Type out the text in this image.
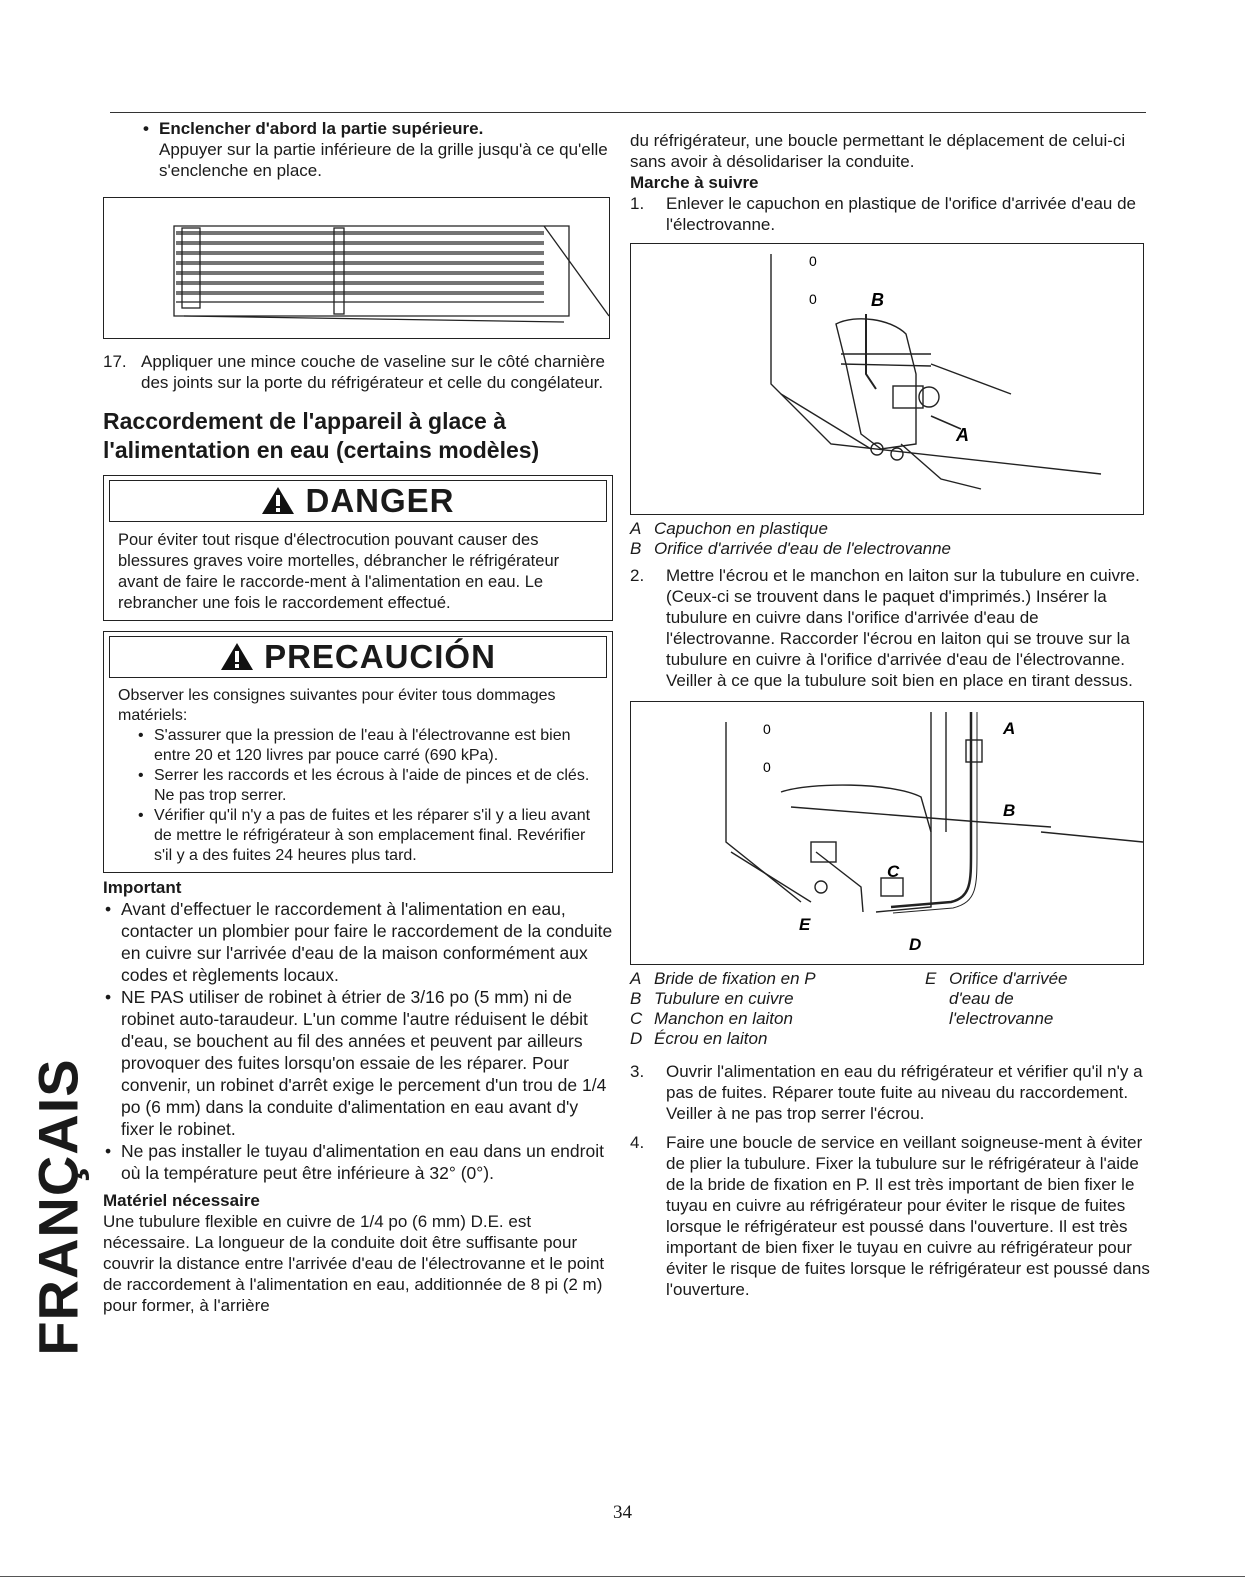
• Enclencher d'abord la partie supérieure.

Appuyer sur la partie inférieure de la grille jusqu'à ce qu'elle s'enclenche en place.

17. Appliquer une mince couche de vaseline sur le côté charnière des joints sur la porte du réfrigérateur et celle du congélateur.
Raccordement de l'appareil à glace à
l'alimentation en eau (certains modèles)
DANGER
Pour éviter tout risque d'électrocution pouvant causer des blessures graves voire mortelles, débrancher le réfrigérateur avant de faire le raccorde-ment à l'alimentation en eau. Le rebrancher une fois le raccordement effectué.
PRECAUCIÓN
Observer les consignes suivantes pour éviter tous dommages matériels:
• S'assurer que la pression de l'eau à l'électrovanne est bien entre 20 et 120 livres par pouce carré (690 kPa).
• Serrer les raccords et les écrous à l'aide de pinces et de clés. Ne pas trop serrer.
• Vérifier qu'il n'y a pas de fuites et les réparer s'il y a lieu avant de mettre le réfrigérateur à son emplacement final. Revérifier s'il y a des fuites 24 heures plus tard.

Important

• Avant d'effectuer le raccordement à l'alimentation en eau, contacter un plombier pour faire le raccordement de la conduite en cuivre sur l'arrivée d'eau de la maison conformément aux codes et règlements locaux.

• NE PAS utiliser de robinet à étrier de 3/16 po (5 mm) ni de robinet auto-taraudeur. L'un comme l'autre réduisent le débit d'eau, se bouchent au fil des années et peuvent par ailleurs provoquer des fuites lorsqu'on essaie de les réparer. Pour convenir, un robinet d'arrêt exige le percement d'un trou de 1/4 po (6 mm) dans la conduite d'alimentation en eau avant d'y fixer le robinet.

• Ne pas installer le tuyau d'alimentation en eau dans un endroit où la température peut être inférieure à 32° (0°).

Matériel nécessaire

Une tubulure flexible en cuivre de 1/4 po (6 mm) D.E. est nécessaire. La longueur de la conduite doit être suffisante pour couvrir la distance entre l'arrivée d'eau de l'électrovanne et le point de raccordement à l'alimentation en eau, additionnée de 8 pi (2 m) pour former, à l'arrière

du réfrigérateur, une boucle permettant le déplacement de celui-ci sans avoir à désolidariser la conduite.

Marche à suivre

1. Enlever le capuchon en plastique de l'orifice d'arrivée d'eau de l'électrovanne.
0
0	B
A
A Capuchon en plastique
B Orifice d'arrivée d'eau de l'electrovanne
2. Mettre l'écrou et le manchon en laiton sur la tubulure en cuivre. (Ceux-ci se trouvent dans le paquet d'imprimés.) Insérer la tubulure en cuivre dans l'orifice d'arrivée d'eau de l'électrovanne. Raccorder l'écrou en laiton qui se trouve sur la tubulure en cuivre à l'orifice d'arrivée d'eau de l'électrovanne. Veiller à ce que la tubulure soit bien en place en tirant dessus.
0
0
A
B
C
D
E
A Bride de fixation en P
B Tubulure en cuivre
C Manchon en laiton
D Écrou en laiton
E Orifice d'arrivée d'eau de l'electrovanne
3. Ouvrir l'alimentation en eau du réfrigérateur et vérifier qu'il n'y a pas de fuites. Réparer toute fuite au niveau du raccordement. Veiller à ne pas trop serrer l'écrou.
4. Faire une boucle de service en veillant soigneuse-ment à éviter de plier la tubulure. Fixer la tubulure sur le réfrigérateur à l'aide de la bride de fixation en P. Il est très important de bien fixer le tuyau en cuivre au réfrigérateur pour éviter le risque de fuites lorsque le réfrigérateur est poussé dans l'ouverture. Il est très important de bien fixer le tuyau en cuivre au réfrigérateur pour éviter le risque de fuites lorsque le réfrigérateur est poussé dans l'ouverture.
FRANÇAIS
34
